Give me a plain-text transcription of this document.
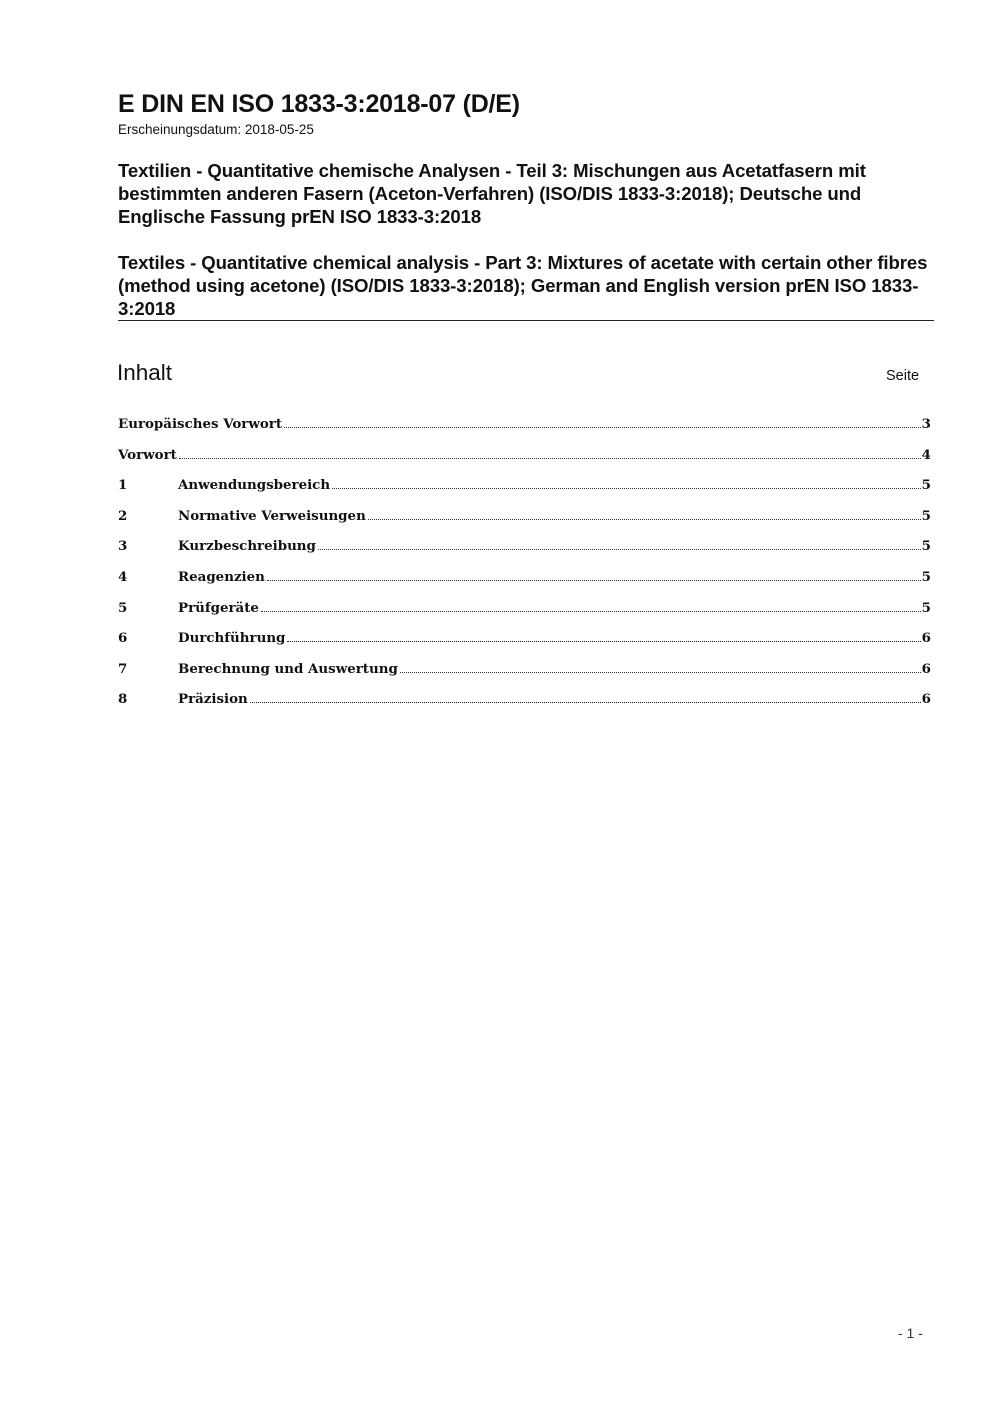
E DIN EN ISO 1833-3:2018-07 (D/E)
Erscheinungsdatum: 2018-05-25
Textilien - Quantitative chemische Analysen - Teil 3: Mischungen aus Acetatfasern mit bestimmten anderen Fasern (Aceton-Verfahren) (ISO/DIS 1833-3:2018); Deutsche und Englische Fassung prEN ISO 1833-3:2018
Textiles - Quantitative chemical analysis - Part 3: Mixtures of acetate with certain other fibres (method using acetone) (ISO/DIS 1833-3:2018); German and English version prEN ISO 1833-3:2018
Inhalt	Seite
Europäisches Vorwort	3
Vorwort	4
1	Anwendungsbereich	5
2	Normative Verweisungen	5
3	Kurzbeschreibung	5
4	Reagenzien	5
5	Prüfgeräte	5
6	Durchführung	6
7	Berechnung und Auswertung	6
8	Präzision	6
- 1 -
